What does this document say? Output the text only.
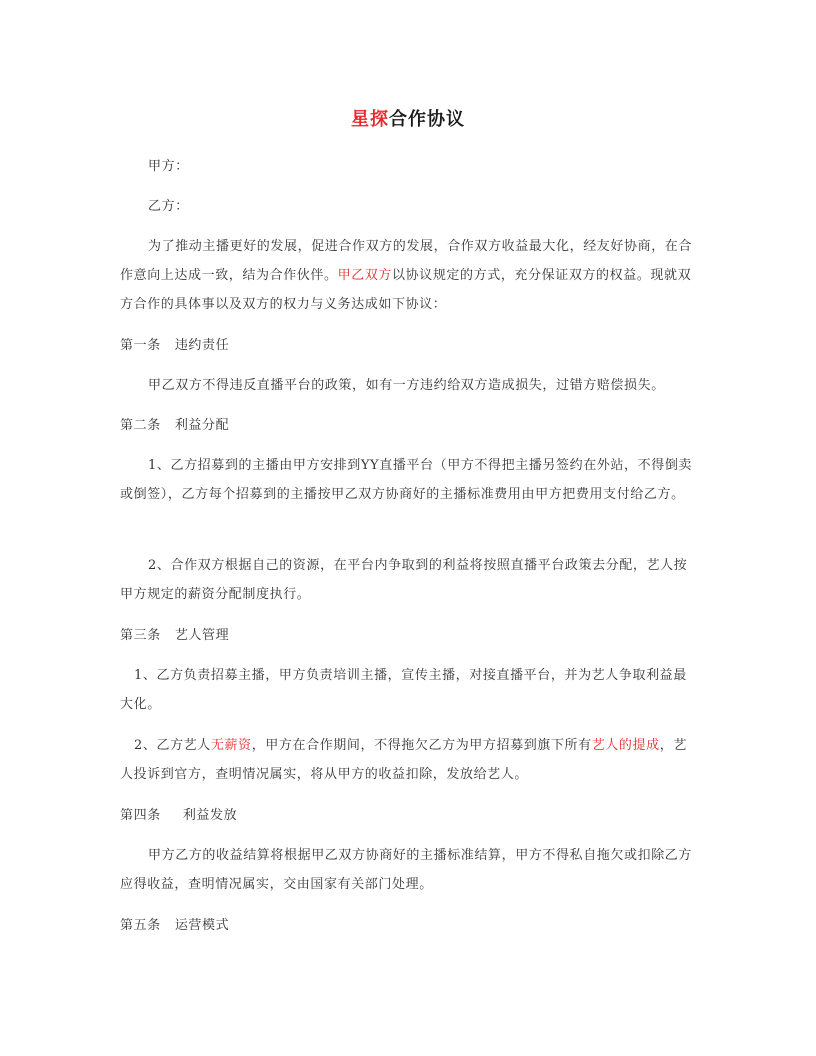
星探合作协议
甲方：
乙方：
为了推动主播更好的发展，促进合作双方的发展，合作双方收益最大化，经友好协商，在合作意向上达成一致，结为合作伙伴。甲乙双方以协议规定的方式，充分保证双方的权益。现就双方合作的具体事以及双方的权力与义务达成如下协议：
第一条 违约责任
甲乙双方不得违反直播平台的政策，如有一方违约给双方造成损失，过错方赔偿损失。
第二条 利益分配
1、乙方招募到的主播由甲方安排到YY直播平台（甲方不得把主播另签约在外站，不得倒卖或倒签），乙方每个招募到的主播按甲乙双方协商好的主播标准费用由甲方把费用支付给乙方。
2、合作双方根据自己的资源，在平台内争取到的利益将按照直播平台政策去分配，艺人按甲方规定的薪资分配制度执行。
第三条 艺人管理
1、乙方负责招募主播，甲方负责培训主播，宣传主播，对接直播平台，并为艺人争取利益最大化。
2、乙方艺人无薪资，甲方在合作期间，不得拖欠乙方为甲方招募到旗下所有艺人的提成，艺人投诉到官方，查明情况属实，将从甲方的收益扣除，发放给艺人。
第四条 利益发放
甲方乙方的收益结算将根据甲乙双方协商好的主播标准结算，甲方不得私自拖欠或扣除乙方应得收益，查明情况属实，交由国家有关部门处理。
第五条 运营模式
